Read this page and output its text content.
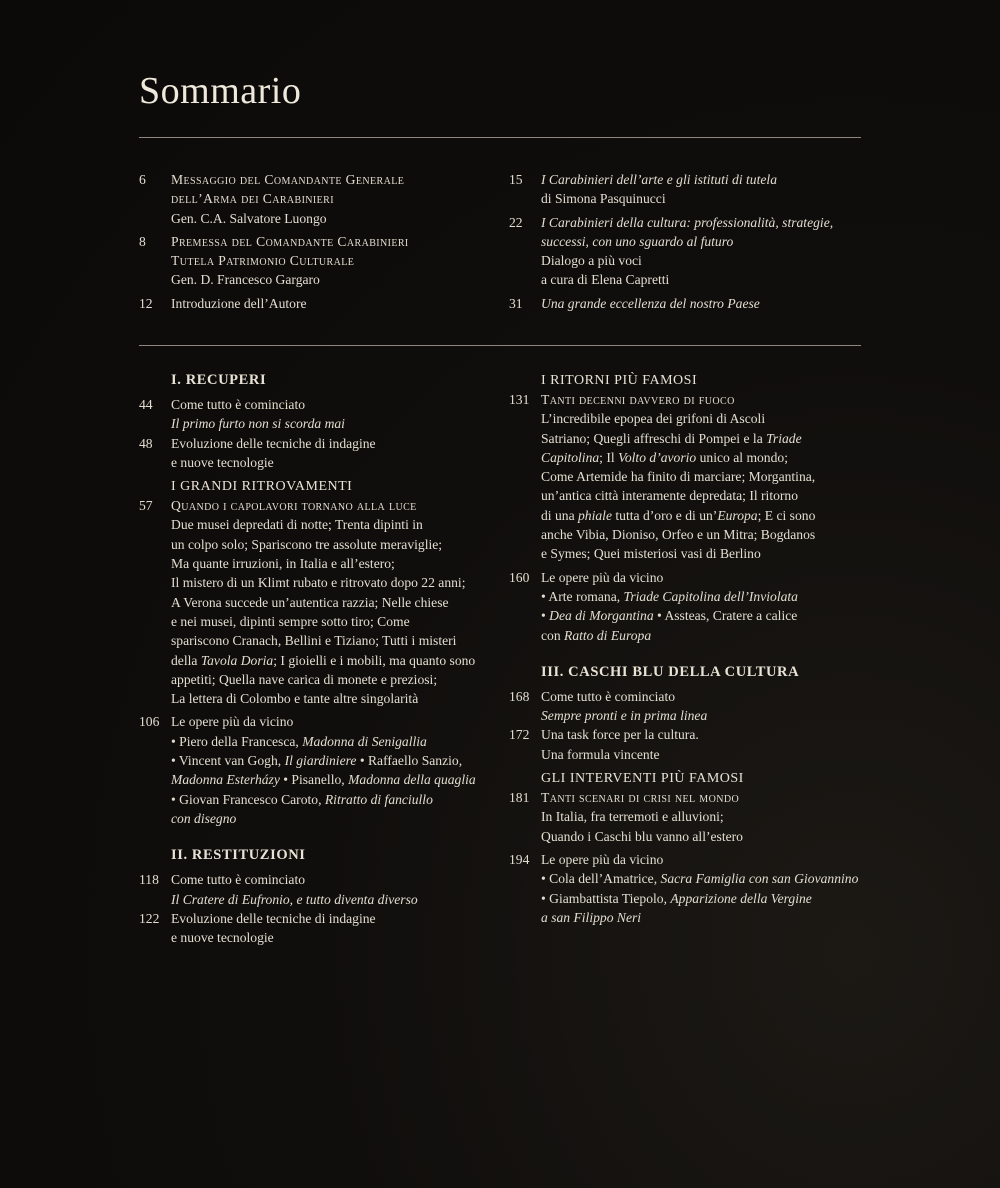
Sommario
6	Messaggio del Comandante Generale
dell’Arma dei Carabinieri
Gen. C.A. Salvatore Luongo
8	Premessa del Comandante Carabinieri
Tutela Patrimonio Culturale
Gen. D. Francesco Gargaro
12	Introduzione dell’Autore
15	I Carabinieri dell’arte e gli istituti di tutela
di Simona Pasquinucci
22	I Carabinieri della cultura: professionalità, strategie,
successi, con uno sguardo al futuro
Dialogo a più voci
a cura di Elena Capretti
31	Una grande eccellenza del nostro Paese
I. RECUPERI
44	Come tutto è cominciato
Il primo furto non si scorda mai
48	Evoluzione delle tecniche di indagine
e nuove tecnologie
I GRANDI RITROVAMENTI
57	Quando i capolavori tornano alla luce
Due musei depredati di notte; Trenta dipinti in
un colpo solo; Spariscono tre assolute meraviglie;
Ma quante irruzioni, in Italia e all’estero;
Il mistero di un Klimt rubato e ritrovato dopo 22 anni;
A Verona succede un’autentica razzia; Nelle chiese
e nei musei, dipinti sempre sotto tiro; Come
spariscono Cranach, Bellini e Tiziano; Tutti i misteri
della Tavola Doria; I gioielli e i mobili, ma quanto sono
appetiti; Quella nave carica di monete e preziosi;
La lettera di Colombo e tante altre singolarità
106 Le opere più da vicino
• Piero della Francesca, Madonna di Senigallia
• Vincent van Gogh, Il giardiniere • Raffaello Sanzio,
Madonna Esterházy • Pisanello, Madonna della quaglia
• Giovan Francesco Caroto, Ritratto di fanciullo
con disegno
II. RESTITUZIONI
118 Come tutto è cominciato
Il Cratere di Eufronio, e tutto diventa diverso
122 Evoluzione delle tecniche di indagine
e nuove tecnologie
I RITORNI PIÙ FAMOSI
131 Tanti decenni davvero di fuoco
L’incredibile epopea dei grifoni di Ascoli
Satriano; Quegli affreschi di Pompei e la Triade
Capitolina; Il Volto d’avorio unico al mondo;
Come Artemide ha finito di marciare; Morgantina,
un’antica città interamente depredata; Il ritorno
di una phiale tutta d’oro e di un’Europa; E ci sono
anche Vibia, Dioniso, Orfeo e un Mitra; Bogdanos
e Symes; Quei misteriosi vasi di Berlino
160 Le opere più da vicino
• Arte romana, Triade Capitolina dell’Inviolata
• Dea di Morgantina • Assteas, Cratere a calice
con Ratto di Europa
III. CASCHI BLU DELLA CULTURA
168 Come tutto è cominciato
Sempre pronti e in prima linea
172 Una task force per la cultura.
Una formula vincente
GLI INTERVENTI PIÙ FAMOSI
181 Tanti scenari di crisi nel mondo
In Italia, fra terremoti e alluvioni;
Quando i Caschi blu vanno all’estero
194 Le opere più da vicino
• Cola dell’Amatrice, Sacra Famiglia con san Giovannino
• Giambattista Tiepolo, Apparizione della Vergine
a san Filippo Neri
